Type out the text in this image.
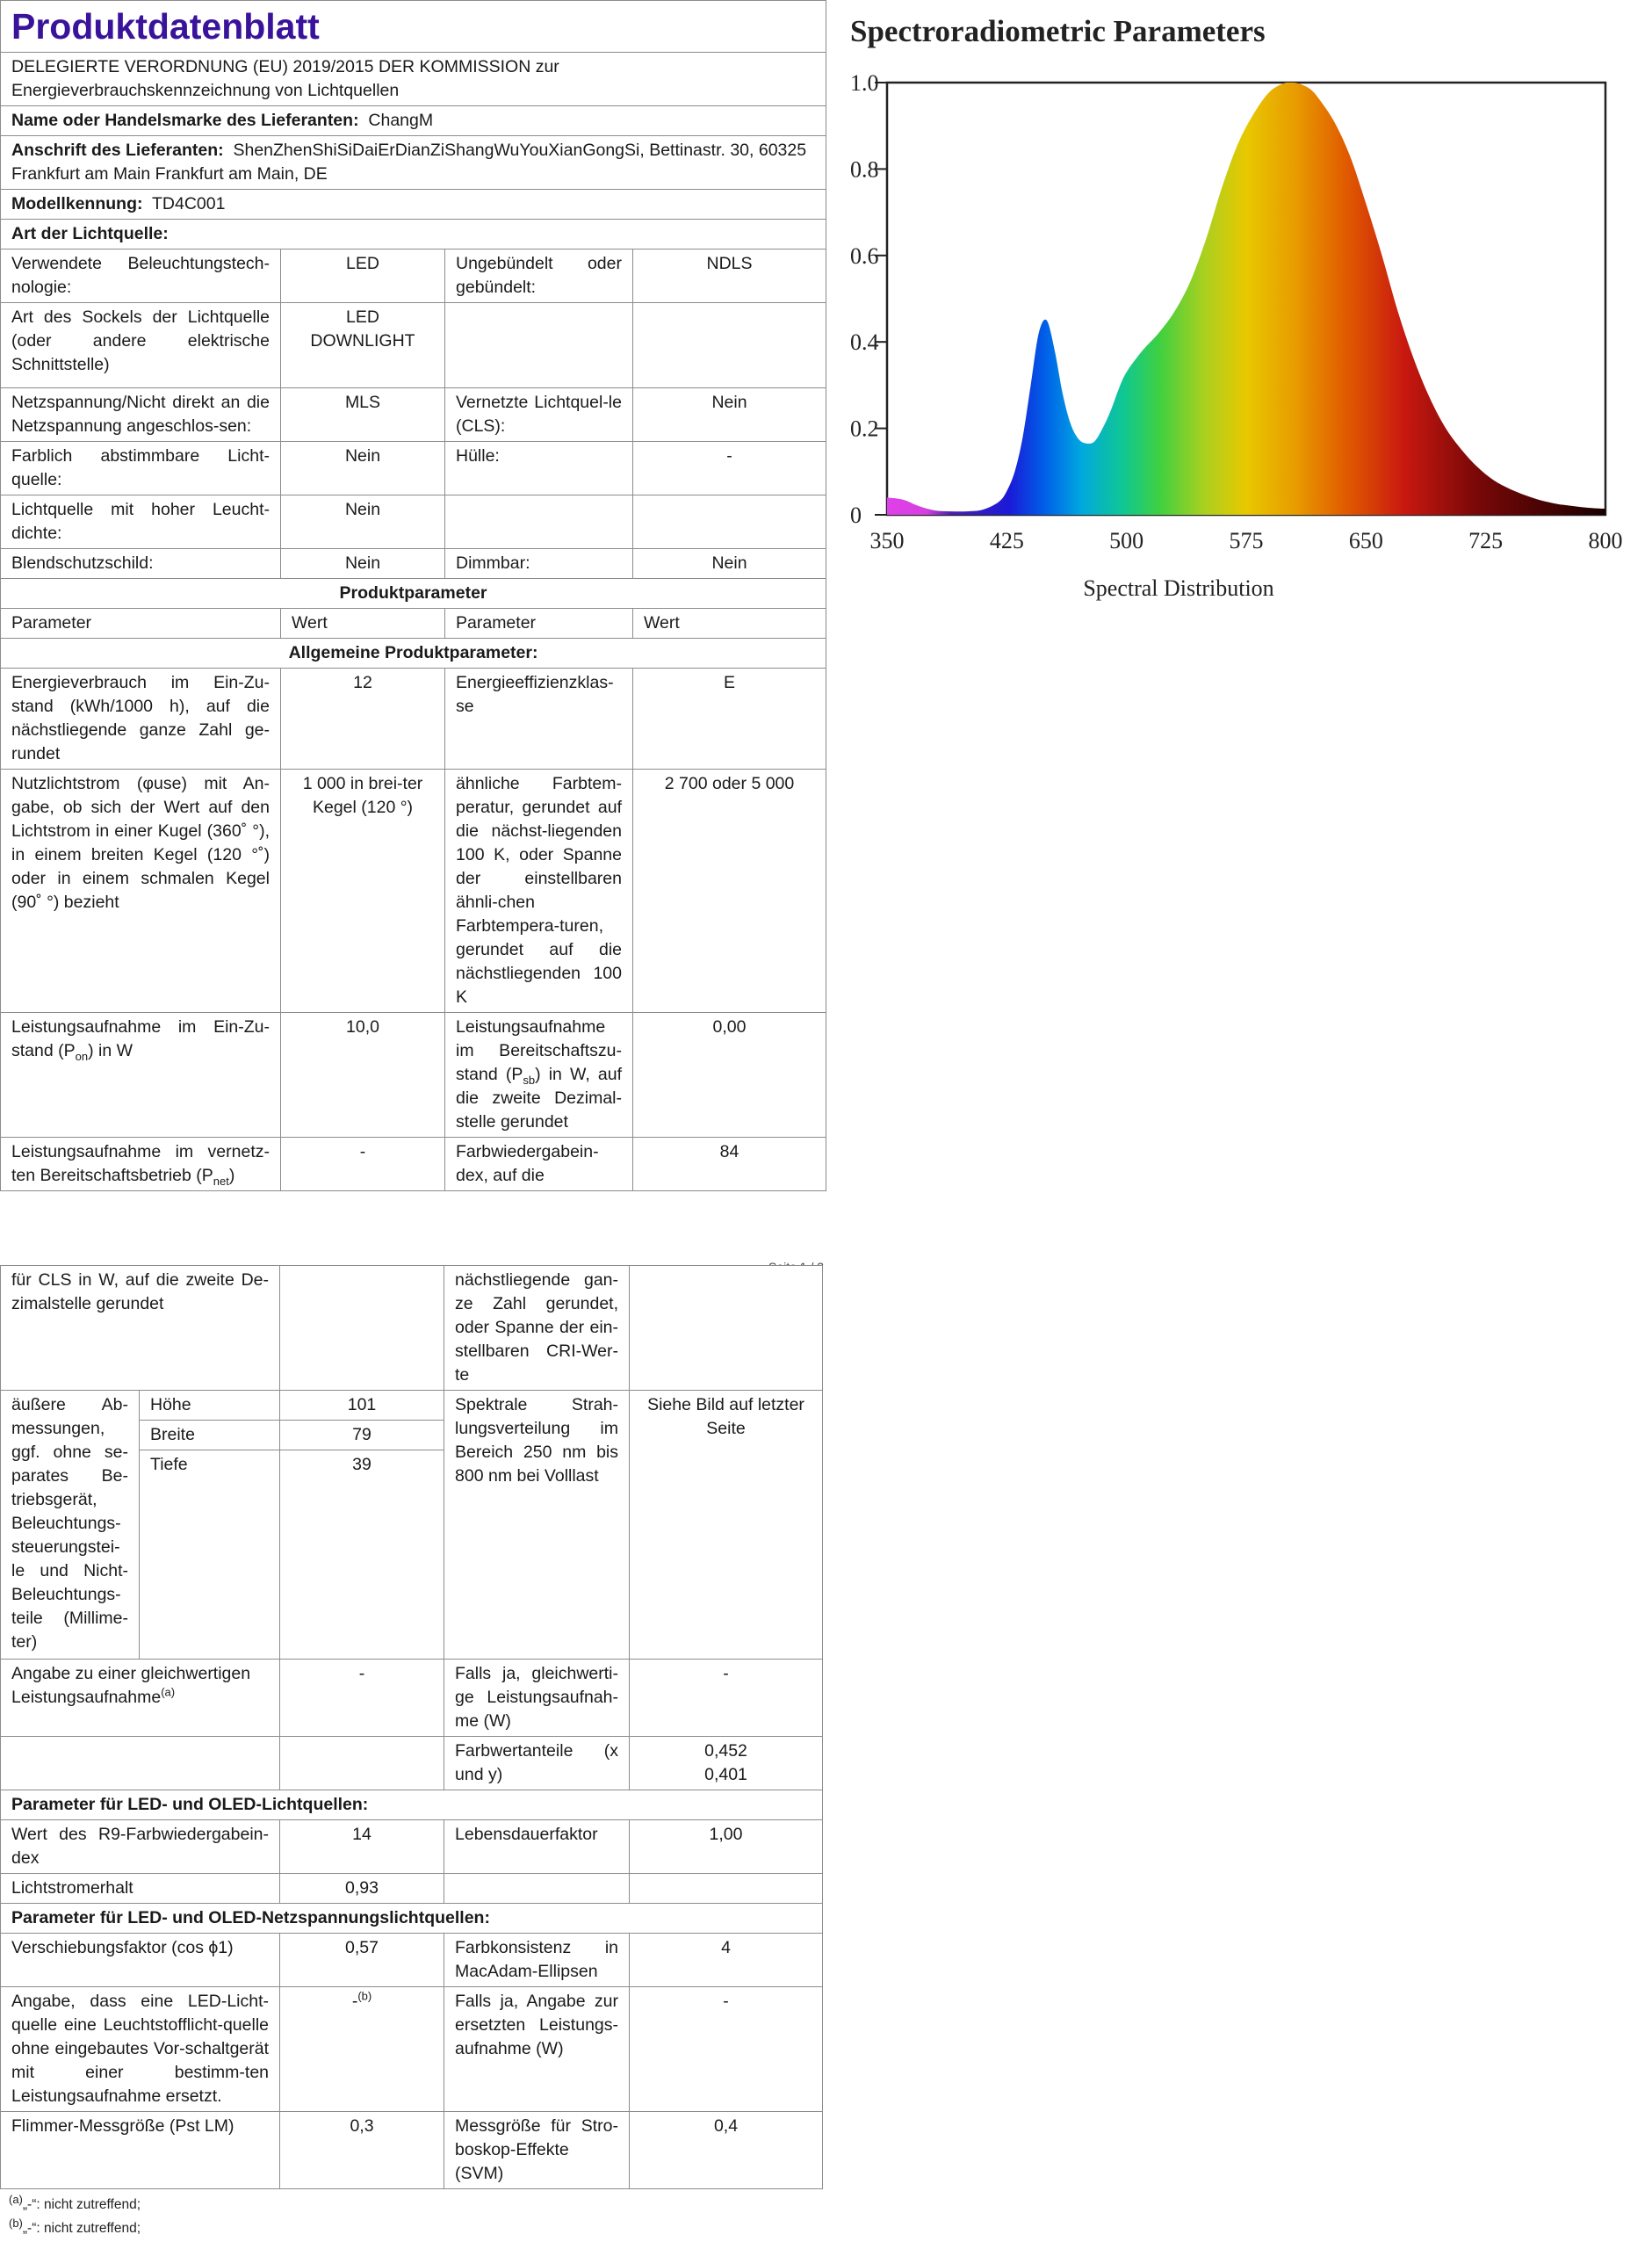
Produktdatenblatt			
DELEGIERTE VERORDNUNG (EU) 2019/2015 DER KOMMISSION zur Energieverbrauchskennzeichnung von Lichtquellen			
Name oder Handelsmarke des Lieferanten: ChangM			
Anschrift des Lieferanten: ShenZhenShiSiDaiErDianZiShangWuYouXianGongSi, Bettinastr. 30, 60325 Frankfurt am Main Frankfurt am Main, DE			
Modellkennung: TD4C001			
Art der Lichtquelle:			
Verwendete Beleuchtungstech-nologie:	LED	Ungebündelt oder gebündelt:	NDLS
Art des Sockels der Lichtquelle (oder andere elektrische Schnittstelle)	LED DOWNLIGHT		
Netzspannung/Nicht direkt an die Netzspannung angeschlos-sen:	MLS	Vernetzte Lichtquel-le (CLS):	Nein
Farblich abstimmbare Licht-quelle:	Nein	Hülle:	-
Lichtquelle mit hoher Leucht-dichte:	Nein		
Blendschutzschild:	Nein	Dimmbar:	Nein
Produktparameter			
Parameter	Wert	Parameter	Wert
Allgemeine Produktparameter:			
Energieverbrauch im Ein-Zu-stand (kWh/1000 h), auf die nächstliegende ganze Zahl ge-rundet	12	Energieeffizienzklas-se	E
Nutzlichtstrom (φuse) mit An-gabe, ob sich der Wert auf den Lichtstrom in einer Kugel (360˚ °), in einem breiten Kegel (120 °˚) oder in einem schmalen Kegel (90˚ °) bezieht	1 000 in brei-ter Kegel (120 °)	ähnliche Farbtem-peratur, gerundet auf die nächst-liegenden 100 K, oder Spanne der einstellbaren ähnli-chen Farbtempera-turen, gerundet auf die nächstliegenden 100 K	2 700 oder 5 000
Leistungsaufnahme im Ein-Zu-stand $(P_{on})$ in W	10,0	Leistungsaufnahme im Bereitschaftszu-stand $(P_{sb})$ in W, auf die zweite Dezimal-stelle gerundet	0,00
Leistungsaufnahme im vernetz-ten Bereitschaftsbetrieb $(P_{net})$	-	Farbwiedergabein-dex, auf die	84
für CLS in W, auf die zweite De-zimalstelle gerundet			nächstliegende gan-ze Zahl gerundet, oder Spanne der ein-stellbaren CRI-Wer-te	
äußere Ab-messungen, ggf. ohne se-parates Be-triebsgerät, Beleuchtungs-steuerungstei-le und Nicht-Beleuchtungs-teile (Millime-ter)	Höhe	101	Spektrale Strah-lungsverteilung im Bereich 250 nm bis 800 nm bei Volllast	Siehe Bild auf letzter Seite
	Breite	79		
	Tiefe	39		
Angabe zu einer gleichwertigen Leistungsaufnahme$^{(a)}$		-	Falls ja, gleichwerti-ge Leistungsaufnah-me (W)	-
			Farbwertanteile (x und y)	0,452
0,401

Parameter für LED- und OLED-Lichtquellen:				
Wert des R9-Farbwiedergabein-dex		14	Lebensdauerfaktor	1,00
Lichtstromerhalt		0,93		
Parameter für LED- und OLED-Netzspannungslichtquellen:				
Verschiebungsfaktor (cos ϕ1)		0,57	Farbkonsistenz in MacAdam-Ellipsen	4
Angabe, dass eine LED-Licht-quelle eine Leuchtstofflicht-quelle ohne eingebautes Vor-schaltgerät mit einer bestimm-ten Leistungsaufnahme ersetzt.		-$^{(b)}$	Falls ja, Angabe zur ersetzten Leistungs-aufnahme (W)	-
Flimmer-Messgröße (Pst LM)		0,3	Messgröße für Stro-boskop-Effekte (SVM)	0,4
$^{(a)}$„-“: nicht zutreffend;
$^{(b)}$„-“: nicht zutreffend;
Spectroradiometric Parameters
0
0.2
0.4
0.6
0.8
1.0
350	425	500	575	650	725	800
Spectral Distribution
